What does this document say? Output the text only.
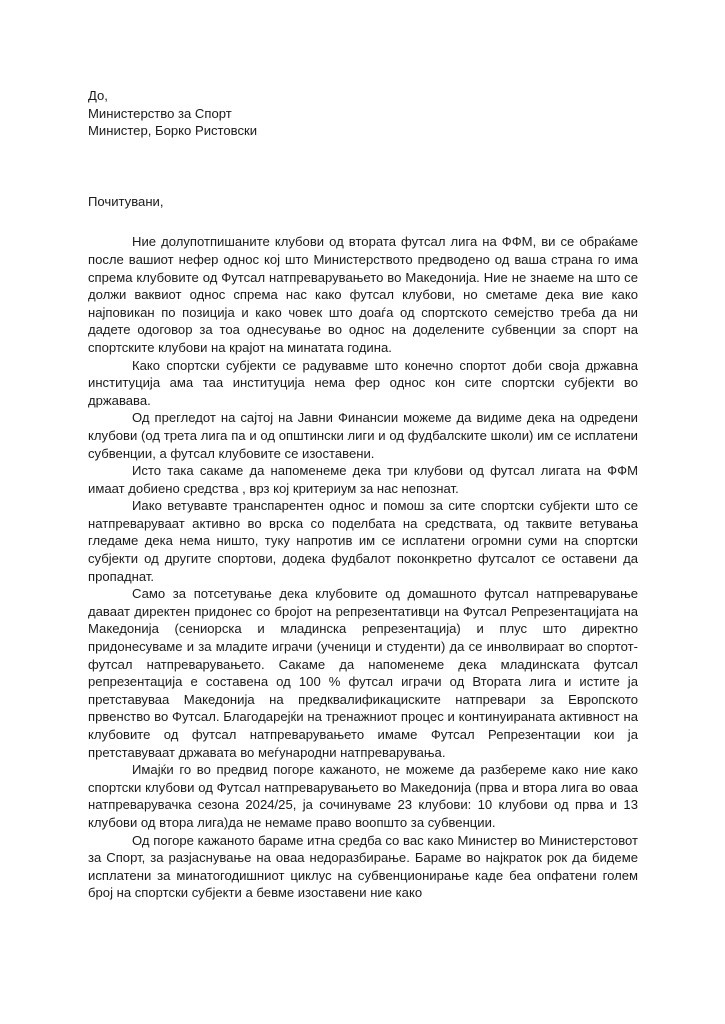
До,
Министерство за Спорт
Министер, Борко Ристовски
Почитувани,

Ние долупотпишаните клубови од втората футсал лига на ФФМ, ви се обраќаме после вашиот нефер однос кој што Министерството предводено од ваша страна го има спрема клубовите од Футсал натпреварувањето во Македонија. Ние не знаеме на што се должи ваквиот однос спрема нас како футсал клубови, но сметаме дека вие како најповикан по позиција и како човек што доаѓа од спортското семејство треба да ни дадете одоговор за тоа однесување во однос на доделените субвенции за спорт на спортските клубови на крајот на минатата година.

Како спортски субјекти се радувавме што конечно спортот доби своја државна институција ама таа институција нема фер однос кон сите спортски субјекти во државава.

Од прегледот на сајтој на Јавни Финансии можеме да видиме дека на одредени клубови (од трета лига па и од општински лиги и од фудбалските школи) им се исплатени субвенции, а футсал клубовите се изоставени.

Исто така сакаме да напоменеме дека три клубови од футсал лигата на ФФМ имаат добиено средства , врз кој критериум за нас непознат.

Иако ветувавте транспарентен однос и помош за сите спортски субјекти што се натпреваруваат активно во врска со поделбата на средствата, од таквите ветувања гледаме дека нема ништо, туку напротив им се исплатени огромни суми на спортски субјекти од другите спортови, додека фудбалот поконкретно футсалот се оставени да пропаднат.

Само за потсетување дека клубовите од домашното футсал натпреварување даваат директен придонес со бројот на репрезентативци на Футсал Репрезентацијата на Македонија (сениорска и младинска репрезентација) и плус што директно придонесуваме и за младите играчи (ученици и студенти) да се инволвираат во спортот-футсал натпреварувањето. Сакаме да напоменеме дека младинската футсал репрезентација е составена од 100 % футсал играчи од Втората лига и истите ја претставуваа Македонија на предквалификациските натпревари за Европското првенство во Футсал. Благодарејќи на тренажниот процес и континуираната активност на клубовите од футсал натпреварувањето имаме Футсал Репрезентации кои ја претставуваат државата во меѓународни натпреварувања.

Имајќи го во предвид погоре кажаното, не можеме да разбереме како ние како спортски клубови од Футсал натпреварувањето во Македонија (прва и втора лига во оваа натпреварувачка сезона 2024/25, ја сочинуваме 23 клубови: 10 клубови од прва и 13 клубови од втора лига)да не немаме право воопшто за субвенции.

Од погоре кажаното бараме итна средба со вас како Министер во Министерстовот за Спорт, за разјаснување на оваа недоразбирање. Бараме во најкраток рок да бидеме исплатени за минатогодишниот циклус на субвенционирање каде беа опфатени голем број на спортски субјекти а бевме изоставени ние како
